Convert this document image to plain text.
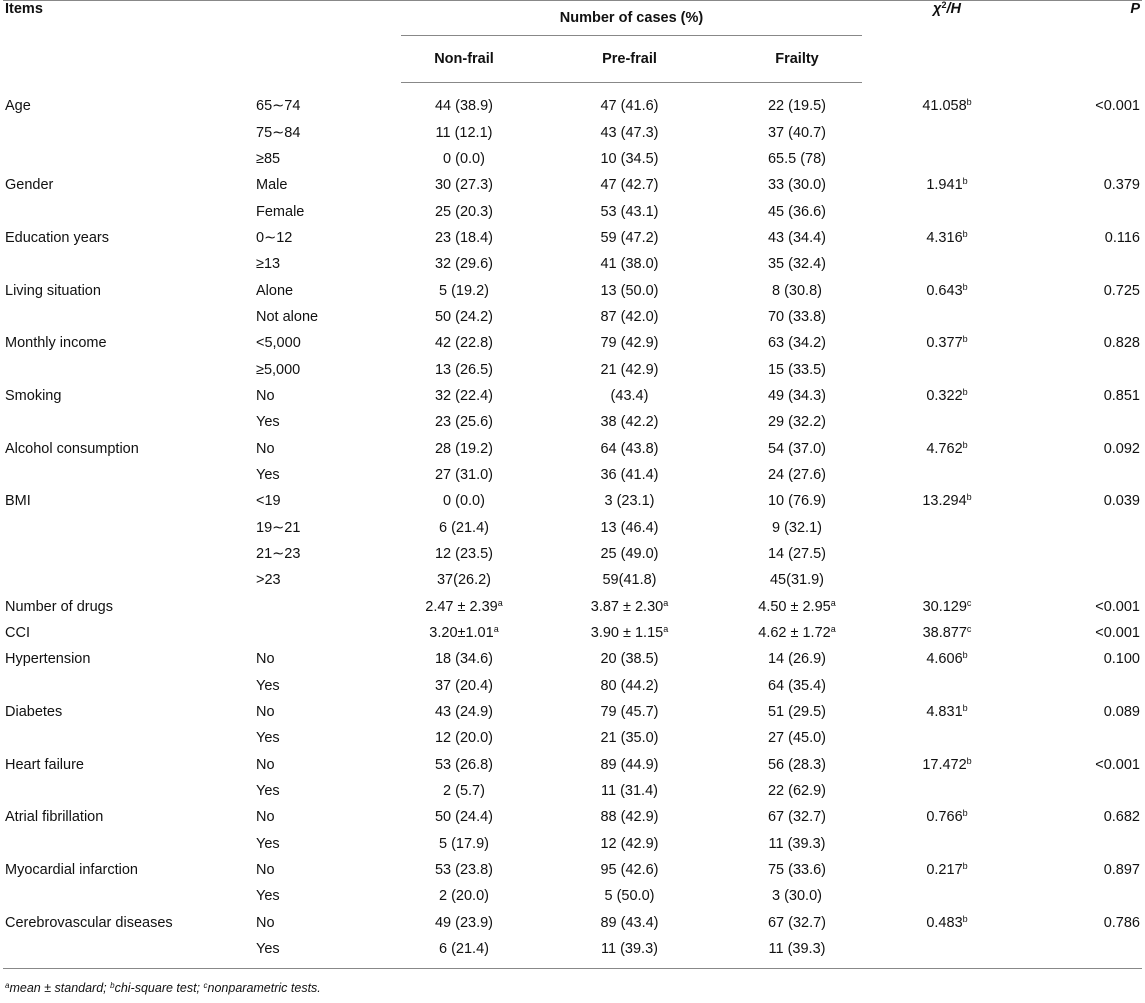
Items		Number of cases (%)			$\chi^2/H$	P
		Non-frail	Pre-frail	Frailty		
Age	65∼74	44 (38.9)	47 (41.6)	22 (19.5)	41.058$^b$	<0.001
	75∼84	11 (12.1)	43 (47.3)	37 (40.7)		
	≥85	0 (0.0)	10 (34.5)	65.5 (78)		
Gender	Male	30 (27.3)	47 (42.7)	33 (30.0)	1.941$^b$	0.379
	Female	25 (20.3)	53 (43.1)	45 (36.6)		
Education years	0∼12	23 (18.4)	59 (47.2)	43 (34.4)	4.316$^b$	0.116
	≥13	32 (29.6)	41 (38.0)	35 (32.4)		
Living situation	Alone	5 (19.2)	13 (50.0)	8 (30.8)	0.643$^b$	0.725
	Not alone	50 (24.2)	87 (42.0)	70 (33.8)		
Monthly income	<5,000	42 (22.8)	79 (42.9)	63 (34.2)	0.377$^b$	0.828
	≥5,000	13 (26.5)	21 (42.9)	15 (33.5)		
Smoking	No	32 (22.4)	(43.4)	49 (34.3)	0.322$^b$	0.851
	Yes	23 (25.6)	38 (42.2)	29 (32.2)		
Alcohol consumption	No	28 (19.2)	64 (43.8)	54 (37.0)	4.762$^b$	0.092
	Yes	27 (31.0)	36 (41.4)	24 (27.6)		
BMI	<19	0 (0.0)	3 (23.1)	10 (76.9)	13.294$^b$	0.039
	19∼21	6 (21.4)	13 (46.4)	9 (32.1)		
	21∼23	12 (23.5)	25 (49.0)	14 (27.5)		
	>23	37(26.2)	59(41.8)	45(31.9)		
Number of drugs		2.47 ± 2.39$^a$	3.87 ± 2.30$^a$	4.50 ± 2.95$^a$	30.129$^c$	<0.001
CCI		3.20±1.01$^a$	3.90 ± 1.15$^a$	4.62 ± 1.72$^a$	38.877$^c$	<0.001
Hypertension	No	18 (34.6)	20 (38.5)	14 (26.9)	4.606$^b$	0.100
	Yes	37 (20.4)	80 (44.2)	64 (35.4)		
Diabetes	No	43 (24.9)	79 (45.7)	51 (29.5)	4.831$^b$	0.089
	Yes	12 (20.0)	21 (35.0)	27 (45.0)		
Heart failure	No	53 (26.8)	89 (44.9)	56 (28.3)	17.472$^b$	<0.001
	Yes	2 (5.7)	11 (31.4)	22 (62.9)		
Atrial fibrillation	No	50 (24.4)	88 (42.9)	67 (32.7)	0.766$^b$	0.682
	Yes	5 (17.9)	12 (42.9)	11 (39.3)		
Myocardial infarction	No	53 (23.8)	95 (42.6)	75 (33.6)	0.217$^b$	0.897
	Yes	2 (20.0)	5 (50.0)	3 (30.0)		
Cerebrovascular diseases	No	49 (23.9)	89 (43.4)	67 (32.7)	0.483$^b$	0.786
	Yes	6 (21.4)	11 (39.3)	11 (39.3)		
$^a$mean ± standard; $^b$chi-square test; $^c$nonparametric tests.						
